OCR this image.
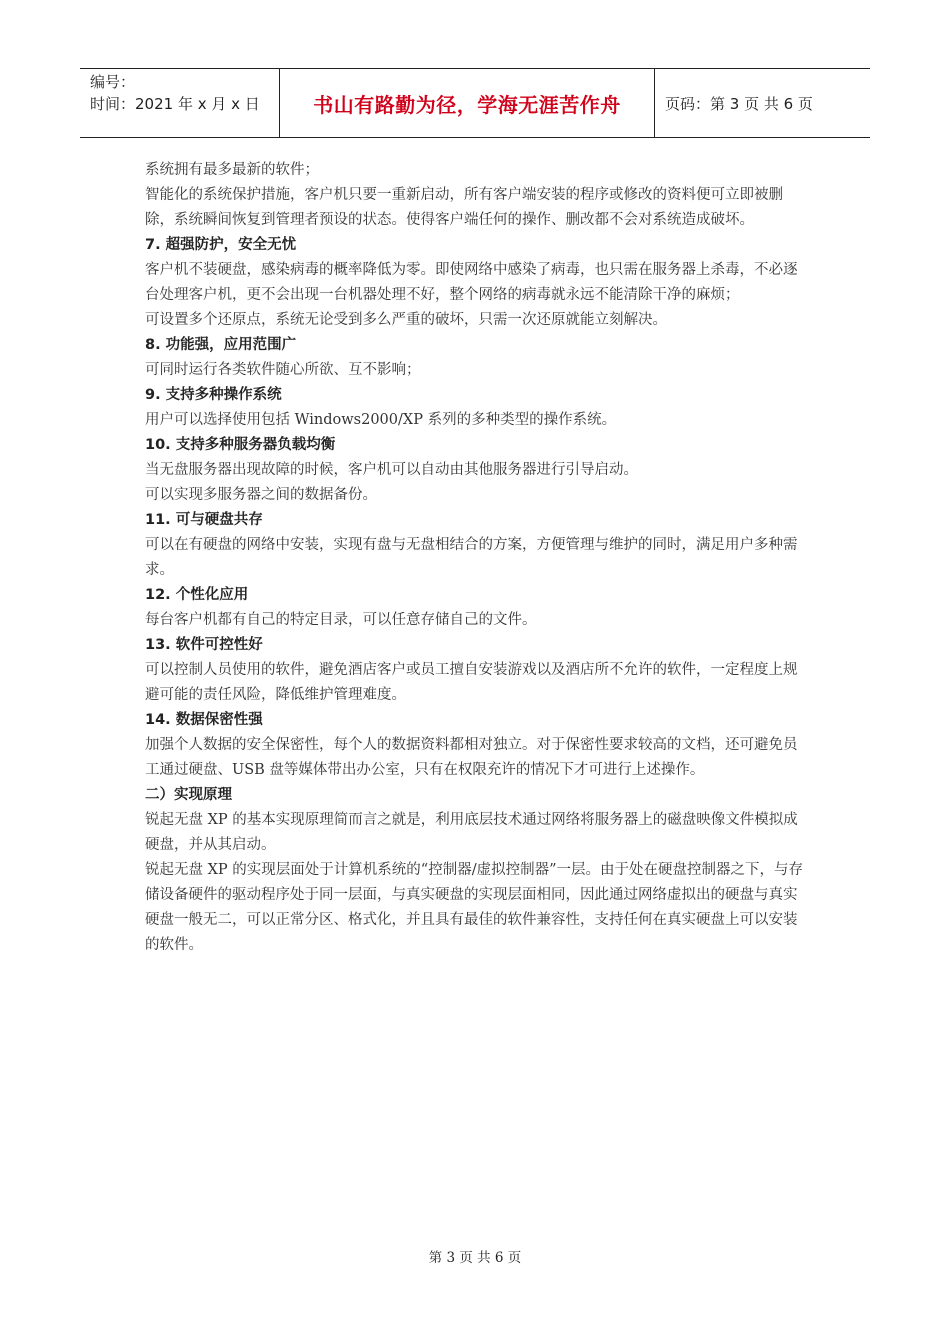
编号：
时间：2021 年 x 月 x 日	书山有路勤为径，学海无涯苦作舟	页码：第 3 页 共 6 页

系统拥有最多最新的软件；

智能化的系统保护措施，客户机只要一重新启动，所有客户端安装的程序或修改的资料便可立即被删除，系统瞬间恢复到管理者预设的状态。使得客户端任何的操作、删改都不会对系统造成破坏。

7. 超强防护，安全无忧

客户机不装硬盘，感染病毒的概率降低为零。即使网络中感染了病毒，也只需在服务器上杀毒，不必逐台处理客户机，更不会出现一台机器处理不好，整个网络的病毒就永远不能清除干净的麻烦；

可设置多个还原点，系统无论受到多么严重的破坏，只需一次还原就能立刻解决。

8. 功能强，应用范围广

可同时运行各类软件随心所欲、互不影响；

9. 支持多种操作系统

用户可以选择使用包括 Windows2000/XP 系列的多种类型的操作系统。

10. 支持多种服务器负载均衡

当无盘服务器出现故障的时候，客户机可以自动由其他服务器进行引导启动。

可以实现多服务器之间的数据备份。

11. 可与硬盘共存

可以在有硬盘的网络中安装，实现有盘与无盘相结合的方案，方便管理与维护的同时，满足用户多种需求。

12. 个性化应用

每台客户机都有自己的特定目录，可以任意存储自己的文件。

13. 软件可控性好

可以控制人员使用的软件，避免酒店客户或员工擅自安装游戏以及酒店所不允许的软件，一定程度上规避可能的责任风险，降低维护管理难度。

14. 数据保密性强

加强个人数据的安全保密性，每个人的数据资料都相对独立。对于保密性要求较高的文档，还可避免员工通过硬盘、USB 盘等媒体带出办公室，只有在权限充许的情况下才可进行上述操作。

二）实现原理

锐起无盘 XP 的基本实现原理简而言之就是，利用底层技术通过网络将服务器上的磁盘映像文件模拟成硬盘，并从其启动。

锐起无盘 XP 的实现层面处于计算机系统的“控制器/虚拟控制器”一层。由于处在硬盘控制器之下，与存储设备硬件的驱动程序处于同一层面，与真实硬盘的实现层面相同，因此通过网络虚拟出的硬盘与真实硬盘一般无二，可以正常分区、格式化，并且具有最佳的软件兼容性，支持任何在真实硬盘上可以安装的软件。

第 3 页 共 6 页
